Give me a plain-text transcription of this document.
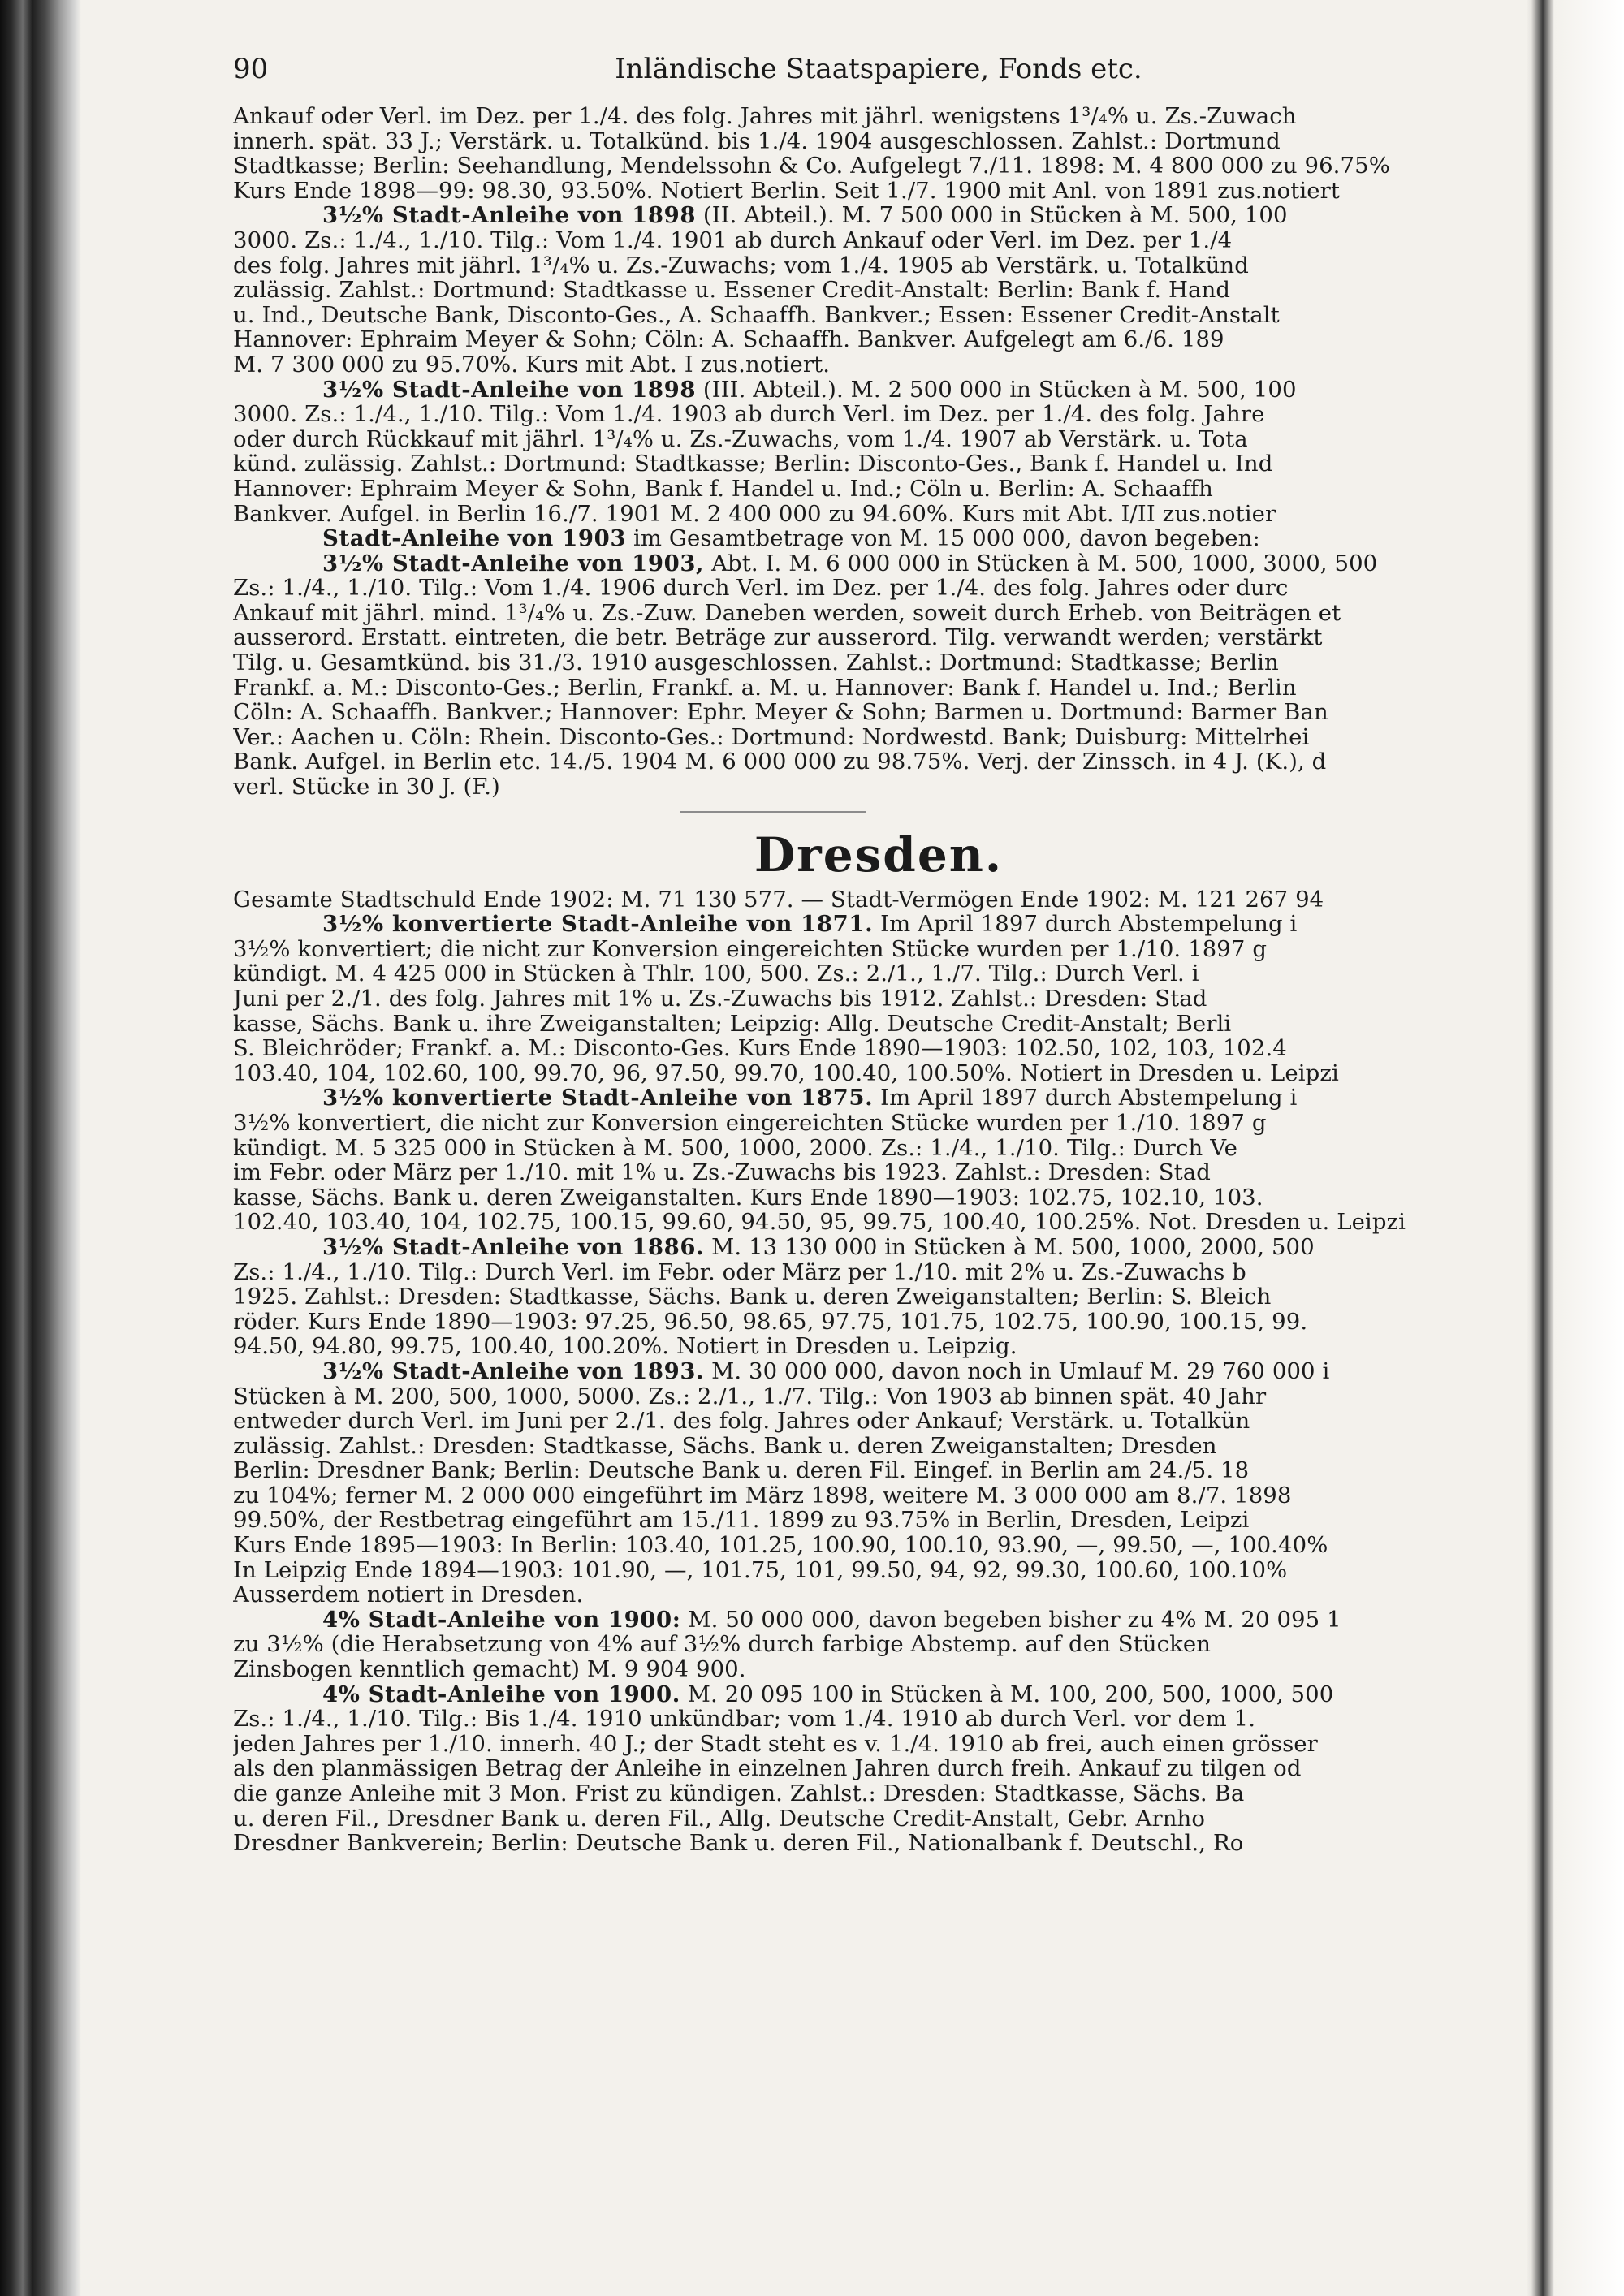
90	Inländische Staatspapiere, Fonds etc.
Ankauf oder Verl. im Dez. per 1./4. des folg. Jahres mit jährl. wenigstens 1³/₄% u. Zs.-Zuwach
innerh. spät. 33 J.; Verstärk. u. Totalkünd. bis 1./4. 1904 ausgeschlossen. Zahlst.: Dortmund
Stadtkasse; Berlin: Seehandlung, Mendelssohn & Co. Aufgelegt 7./11. 1898: M. 4 800 000 zu 96.75%
Kurs Ende 1898—99: 98.30, 93.50%. Notiert Berlin. Seit 1./7. 1900 mit Anl. von 1891 zus.notiert
3½% Stadt-Anleihe von 1898 (II. Abteil.). M. 7 500 000 in Stücken à M. 500, 100
3000. Zs.: 1./4., 1./10. Tilg.: Vom 1./4. 1901 ab durch Ankauf oder Verl. im Dez. per 1./4
des folg. Jahres mit jährl. 1³/₄% u. Zs.-Zuwachs; vom 1./4. 1905 ab Verstärk. u. Totalkünd
zulässig. Zahlst.: Dortmund: Stadtkasse u. Essener Credit-Anstalt: Berlin: Bank f. Hand
u. Ind., Deutsche Bank, Disconto-Ges., A. Schaaffh. Bankver.; Essen: Essener Credit-Anstalt
Hannover: Ephraim Meyer & Sohn; Cöln: A. Schaaffh. Bankver. Aufgelegt am 6./6. 189
M. 7 300 000 zu 95.70%. Kurs mit Abt. I zus.notiert.
3½% Stadt-Anleihe von 1898 (III. Abteil.). M. 2 500 000 in Stücken à M. 500, 100
3000. Zs.: 1./4., 1./10. Tilg.: Vom 1./4. 1903 ab durch Verl. im Dez. per 1./4. des folg. Jahre
oder durch Rückkauf mit jährl. 1³/₄% u. Zs.-Zuwachs, vom 1./4. 1907 ab Verstärk. u. Tota
künd. zulässig. Zahlst.: Dortmund: Stadtkasse; Berlin: Disconto-Ges., Bank f. Handel u. Ind
Hannover: Ephraim Meyer & Sohn, Bank f. Handel u. Ind.; Cöln u. Berlin: A. Schaaffh
Bankver. Aufgel. in Berlin 16./7. 1901 M. 2 400 000 zu 94.60%. Kurs mit Abt. I/II zus.notier
Stadt-Anleihe von 1903 im Gesamtbetrage von M. 15 000 000, davon begeben:
3½% Stadt-Anleihe von 1903, Abt. I. M. 6 000 000 in Stücken à M. 500, 1000, 3000, 500
Zs.: 1./4., 1./10. Tilg.: Vom 1./4. 1906 durch Verl. im Dez. per 1./4. des folg. Jahres oder durc
Ankauf mit jährl. mind. 1³/₄% u. Zs.-Zuw. Daneben werden, soweit durch Erheb. von Beiträgen et
ausserord. Erstatt. eintreten, die betr. Beträge zur ausserord. Tilg. verwandt werden; verstärkt
Tilg. u. Gesamtkünd. bis 31./3. 1910 ausgeschlossen. Zahlst.: Dortmund: Stadtkasse; Berlin
Frankf. a. M.: Disconto-Ges.; Berlin, Frankf. a. M. u. Hannover: Bank f. Handel u. Ind.; Berlin
Cöln: A. Schaaffh. Bankver.; Hannover: Ephr. Meyer & Sohn; Barmen u. Dortmund: Barmer Ban
Ver.: Aachen u. Cöln: Rhein. Disconto-Ges.: Dortmund: Nordwestd. Bank; Duisburg: Mittelrhei
Bank. Aufgel. in Berlin etc. 14./5. 1904 M. 6 000 000 zu 98.75%. Verj. der Zinssch. in 4 J. (K.), d
verl. Stücke in 30 J. (F.)
Dresden.
Gesamte Stadtschuld Ende 1902: M. 71 130 577. — Stadt-Vermögen Ende 1902: M. 121 267 94
3½% konvertierte Stadt-Anleihe von 1871. Im April 1897 durch Abstempelung i
3½% konvertiert; die nicht zur Konversion eingereichten Stücke wurden per 1./10. 1897 g
kündigt. M. 4 425 000 in Stücken à Thlr. 100, 500. Zs.: 2./1., 1./7. Tilg.: Durch Verl. i
Juni per 2./1. des folg. Jahres mit 1% u. Zs.-Zuwachs bis 1912. Zahlst.: Dresden: Stad
kasse, Sächs. Bank u. ihre Zweiganstalten; Leipzig: Allg. Deutsche Credit-Anstalt; Berli
S. Bleichröder; Frankf. a. M.: Disconto-Ges. Kurs Ende 1890—1903: 102.50, 102, 103, 102.4
103.40, 104, 102.60, 100, 99.70, 96, 97.50, 99.70, 100.40, 100.50%. Notiert in Dresden u. Leipzi
3½% konvertierte Stadt-Anleihe von 1875. Im April 1897 durch Abstempelung i
3½% konvertiert, die nicht zur Konversion eingereichten Stücke wurden per 1./10. 1897 g
kündigt. M. 5 325 000 in Stücken à M. 500, 1000, 2000. Zs.: 1./4., 1./10. Tilg.: Durch Ve
im Febr. oder März per 1./10. mit 1% u. Zs.-Zuwachs bis 1923. Zahlst.: Dresden: Stad
kasse, Sächs. Bank u. deren Zweiganstalten. Kurs Ende 1890—1903: 102.75, 102.10, 103.
102.40, 103.40, 104, 102.75, 100.15, 99.60, 94.50, 95, 99.75, 100.40, 100.25%. Not. Dresden u. Leipzi
3½% Stadt-Anleihe von 1886. M. 13 130 000 in Stücken à M. 500, 1000, 2000, 500
Zs.: 1./4., 1./10. Tilg.: Durch Verl. im Febr. oder März per 1./10. mit 2% u. Zs.-Zuwachs b
1925. Zahlst.: Dresden: Stadtkasse, Sächs. Bank u. deren Zweiganstalten; Berlin: S. Bleich
röder. Kurs Ende 1890—1903: 97.25, 96.50, 98.65, 97.75, 101.75, 102.75, 100.90, 100.15, 99.
94.50, 94.80, 99.75, 100.40, 100.20%. Notiert in Dresden u. Leipzig.
3½% Stadt-Anleihe von 1893. M. 30 000 000, davon noch in Umlauf M. 29 760 000 i
Stücken à M. 200, 500, 1000, 5000. Zs.: 2./1., 1./7. Tilg.: Von 1903 ab binnen spät. 40 Jahr
entweder durch Verl. im Juni per 2./1. des folg. Jahres oder Ankauf; Verstärk. u. Totalkün
zulässig. Zahlst.: Dresden: Stadtkasse, Sächs. Bank u. deren Zweiganstalten; Dresden
Berlin: Dresdner Bank; Berlin: Deutsche Bank u. deren Fil. Eingef. in Berlin am 24./5. 18
zu 104%; ferner M. 2 000 000 eingeführt im März 1898, weitere M. 3 000 000 am 8./7. 1898
99.50%, der Restbetrag eingeführt am 15./11. 1899 zu 93.75% in Berlin, Dresden, Leipzi
Kurs Ende 1895—1903: In Berlin: 103.40, 101.25, 100.90, 100.10, 93.90, —, 99.50, —, 100.40%
In Leipzig Ende 1894—1903: 101.90, —, 101.75, 101, 99.50, 94, 92, 99.30, 100.60, 100.10%
Ausserdem notiert in Dresden.
4% Stadt-Anleihe von 1900: M. 50 000 000, davon begeben bisher zu 4% M. 20 095 1
zu 3½% (die Herabsetzung von 4% auf 3½% durch farbige Abstemp. auf den Stücken
Zinsbogen kenntlich gemacht) M. 9 904 900.
4% Stadt-Anleihe von 1900. M. 20 095 100 in Stücken à M. 100, 200, 500, 1000, 500
Zs.: 1./4., 1./10. Tilg.: Bis 1./4. 1910 unkündbar; vom 1./4. 1910 ab durch Verl. vor dem 1.
jeden Jahres per 1./10. innerh. 40 J.; der Stadt steht es v. 1./4. 1910 ab frei, auch einen grösser
als den planmässigen Betrag der Anleihe in einzelnen Jahren durch freih. Ankauf zu tilgen od
die ganze Anleihe mit 3 Mon. Frist zu kündigen. Zahlst.: Dresden: Stadtkasse, Sächs. Ba
u. deren Fil., Dresdner Bank u. deren Fil., Allg. Deutsche Credit-Anstalt, Gebr. Arnho
Dresdner Bankverein; Berlin: Deutsche Bank u. deren Fil., Nationalbank f. Deutschl., Ro
